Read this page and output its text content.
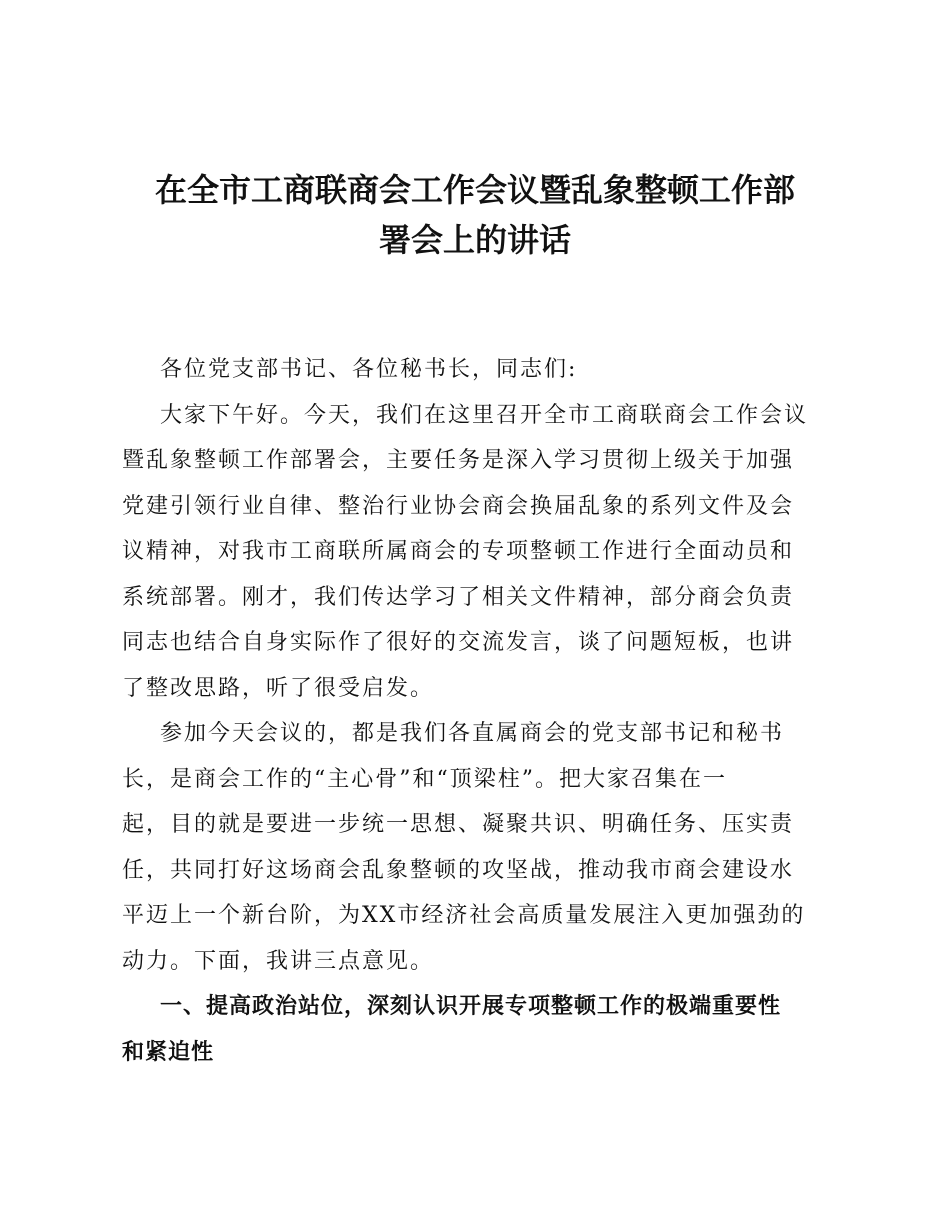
在全市工商联商会工作会议暨乱象整顿工作部
署会上的讲话

各位党支部书记、各位秘书长，同志们:

大家下午好。今天，我们在这里召开全市工商联商会工作会议
暨乱象整顿工作部署会，主要任务是深入学习贯彻上级关于加强
党建引领行业自律、整治行业协会商会换届乱象的系列文件及会
议精神，对我市工商联所属商会的专项整顿工作进行全面动员和
系统部署。刚才，我们传达学习了相关文件精神，部分商会负责
同志也结合自身实际作了很好的交流发言，谈了问题短板，也讲
了整改思路，听了很受启发。

参加今天会议的，都是我们各直属商会的党支部书记和秘书
长，是商会工作的“主心骨”和“顶梁柱”。把大家召集在一
起，目的就是要进一步统一思想、凝聚共识、明确任务、压实责
任，共同打好这场商会乱象整顿的攻坚战，推动我市商会建设水
平迈上一个新台阶，为XX市经济社会高质量发展注入更加强劲的
动力。下面，我讲三点意见。

一、提高政治站位，深刻认识开展专项整顿工作的极端重要性
和紧迫性
